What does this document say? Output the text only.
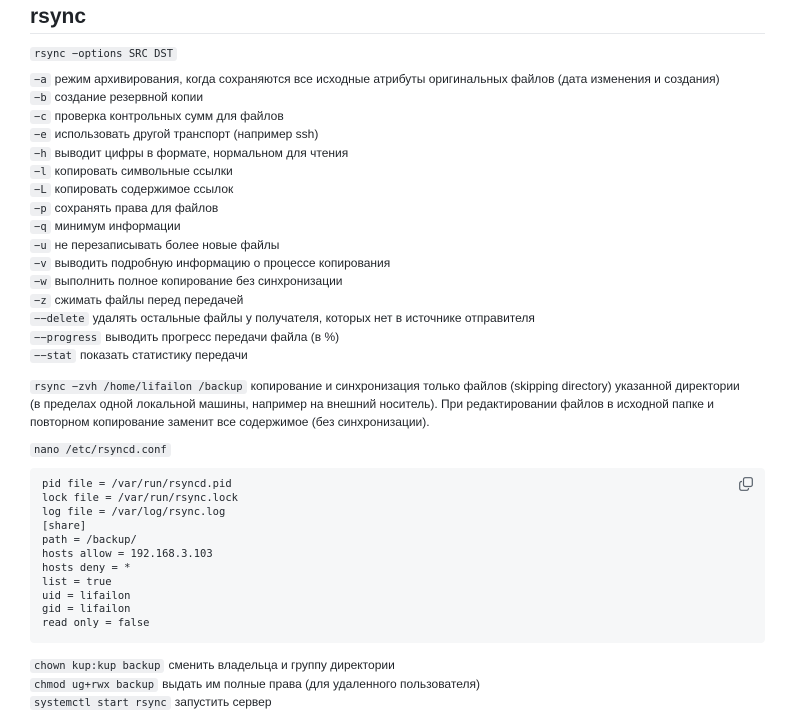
rsync
rsync −options SRC DST

−a режим архивирования, когда сохраняются все исходные атрибуты оригинальных файлов (дата изменения и создания)

−b создание резервной копии

−c проверка контрольных сумм для файлов

−e использовать другой транспорт (например ssh)

−h выводит цифры в формате, нормальном для чтения

−l копировать символьные ссылки

−L копировать содержимое ссылок

−p сохранять права для файлов

−q минимум информации

−u не перезаписывать более новые файлы

−v выводить подробную информацию о процессе копирования

−w выполнить полное копирование без синхронизации

−z сжимать файлы перед передачей

−−delete удалять остальные файлы у получателя, которых нет в источнике отправителя

−−progress выводить прогресс передачи файла (в %)

−−stat показать статистику передачи

rsync −zvh /home/lifailon /backup копирование и синхронизация только файлов (skipping directory) указанной директории (в пределах одной локальной машины, например на внешний носитель). При редактировании файлов в исходной папке и повторном копирование заменит все содержимое (без синхронизации).
nano /etc/rsyncd.conf
pid file = /var/run/rsyncd.pid
lock file = /var/run/rsync.lock
log file = /var/log/rsync.log
[share]
path = /backup/
hosts allow = 192.168.3.103
hosts deny = *
list = true
uid = lifailon
gid = lifailon
read only = false

chown kup:kup backup сменить владельца и группу директории

chmod ug+rwx backup выдать им полные права (для удаленного пользователя)

systemctl start rsync запустить сервер
